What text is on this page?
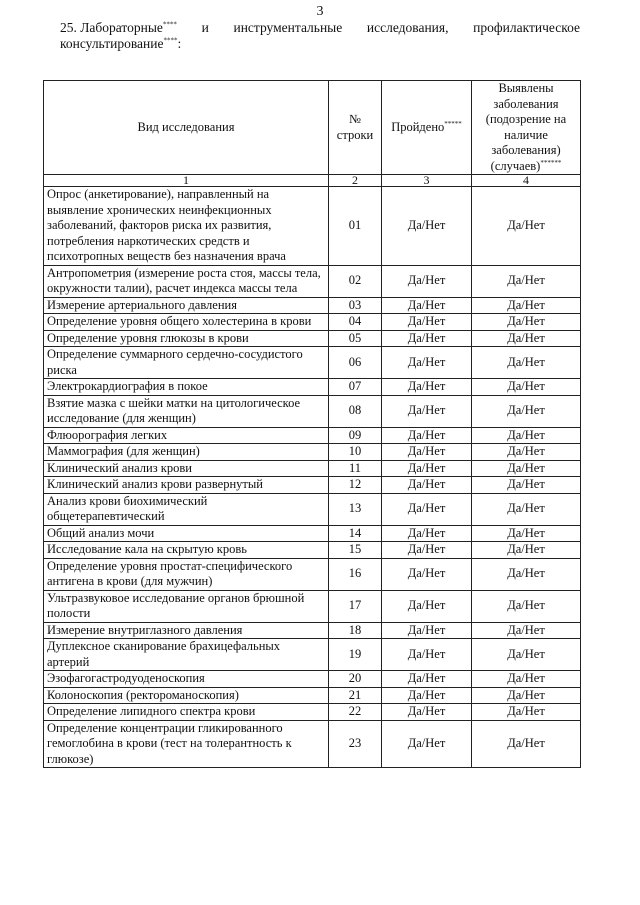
3
25. Лабораторные**** и инструментальные исследования, профилактическое
консультирование****:
Вид исследования	№ строки	Пройдено*****	Выявлены заболевания (подозрение на наличие заболевания) (случаев)******
1	2	3	4
Опрос (анкетирование), направленный на выявление хронических неинфекционных заболеваний, факторов риска их развития, потребления наркотических средств и психотропных веществ без назначения врача	01	Да/Нет	Да/Нет
Антропометрия (измерение роста стоя, массы тела, окружности талии), расчет индекса массы тела	02	Да/Нет	Да/Нет
Измерение артериального давления	03	Да/Нет	Да/Нет
Определение уровня общего холестерина в крови	04	Да/Нет	Да/Нет
Определение уровня глюкозы в крови	05	Да/Нет	Да/Нет
Определение суммарного сердечно-сосудистого риска	06	Да/Нет	Да/Нет
Электрокардиография в покое	07	Да/Нет	Да/Нет
Взятие мазка с шейки матки на цитологическое исследование (для женщин)	08	Да/Нет	Да/Нет
Флюорография легких	09	Да/Нет	Да/Нет
Маммография (для женщин)	10	Да/Нет	Да/Нет
Клинический анализ крови	11	Да/Нет	Да/Нет
Клинический анализ крови развернутый	12	Да/Нет	Да/Нет
Анализ крови биохимический общетерапевтический	13	Да/Нет	Да/Нет
Общий анализ мочи	14	Да/Нет	Да/Нет
Исследование кала на скрытую кровь	15	Да/Нет	Да/Нет
Определение уровня простат-специфического антигена в крови (для мужчин)	16	Да/Нет	Да/Нет
Ультразвуковое исследование органов брюшной полости	17	Да/Нет	Да/Нет
Измерение внутриглазного давления	18	Да/Нет	Да/Нет
Дуплексное сканирование брахицефальных артерий	19	Да/Нет	Да/Нет
Эзофагогастродуоденоскопия	20	Да/Нет	Да/Нет
Колоноскопия (ректороманоскопия)	21	Да/Нет	Да/Нет
Определение липидного спектра крови	22	Да/Нет	Да/Нет
Определение концентрации гликированного гемоглобина в крови (тест на толерантность к глюкозе)	23	Да/Нет	Да/Нет
